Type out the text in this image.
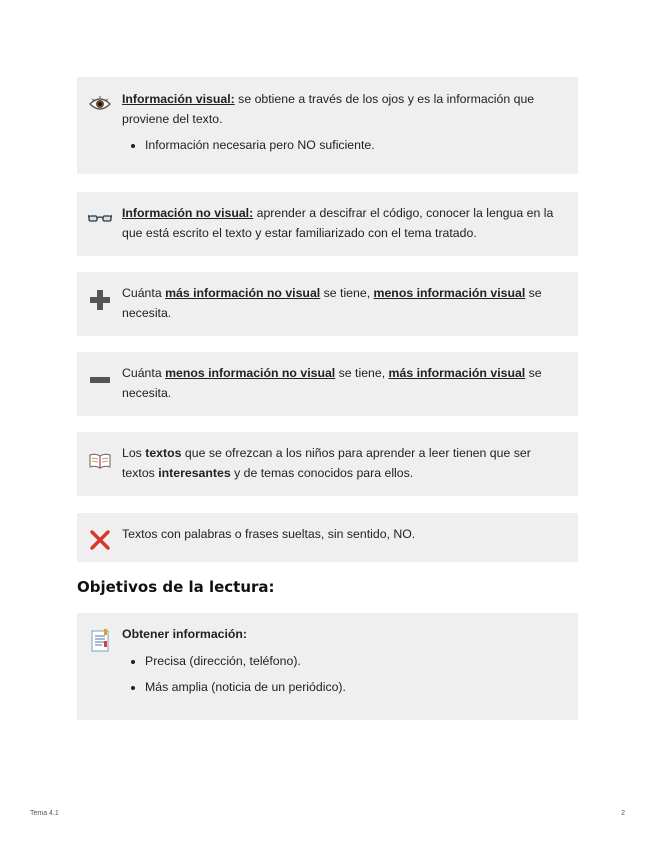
Información visual: se obtiene a través de los ojos y es la información que proviene del texto.
Información necesaria pero NO suficiente.
Información no visual: aprender a descifrar el código, conocer la lengua en la que está escrito el texto y estar familiarizado con el tema tratado.
Cuánta más información no visual se tiene, menos información visual se necesita.
Cuánta menos información no visual se tiene, más información visual se necesita.
Los textos que se ofrezcan a los niños para aprender a leer tienen que ser textos interesantes y de temas conocidos para ellos.
Textos con palabras o frases sueltas, sin sentido, NO.
Objetivos de la lectura:
Obtener información:
Precisa (dirección, teléfono).
Más amplia (noticia de un periódico).
Tema 4.1	2
